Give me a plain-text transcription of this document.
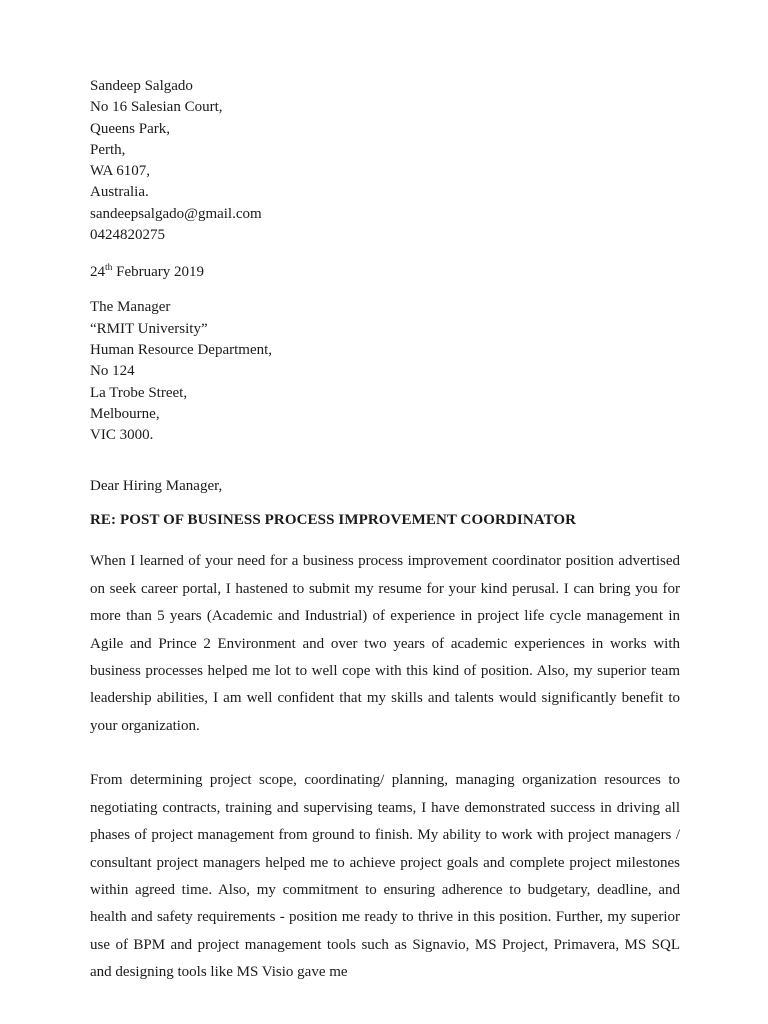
Sandeep Salgado
No 16 Salesian Court,
Queens Park,
Perth,
WA 6107,
Australia.
sandeepsalgado@gmail.com
0424820275
24th February 2019
The Manager
“RMIT University”
Human Resource Department,
No 124
La Trobe Street,
Melbourne,
VIC 3000.
Dear Hiring Manager,
RE: POST OF BUSINESS PROCESS IMPROVEMENT COORDINATOR

When I learned of your need for a business process improvement coordinator position advertised on seek career portal, I hastened to submit my resume for your kind perusal. I can bring you for more than 5 years (Academic and Industrial) of experience in project life cycle management in Agile and Prince 2 Environment and over two years of academic experiences in works with business processes helped me lot to well cope with this kind of position. Also, my superior team leadership abilities, I am well confident that my skills and talents would significantly benefit to your organization.

From determining project scope, coordinating/ planning, managing organization resources to negotiating contracts, training and supervising teams, I have demonstrated success in driving all phases of project management from ground to finish. My ability to work with project managers / consultant project managers helped me to achieve project goals and complete project milestones within agreed time. Also, my commitment to ensuring adherence to budgetary, deadline, and health and safety requirements - position me ready to thrive in this position. Further, my superior use of BPM and project management tools such as Signavio, MS Project, Primavera, MS SQL and designing tools like MS Visio gave me
